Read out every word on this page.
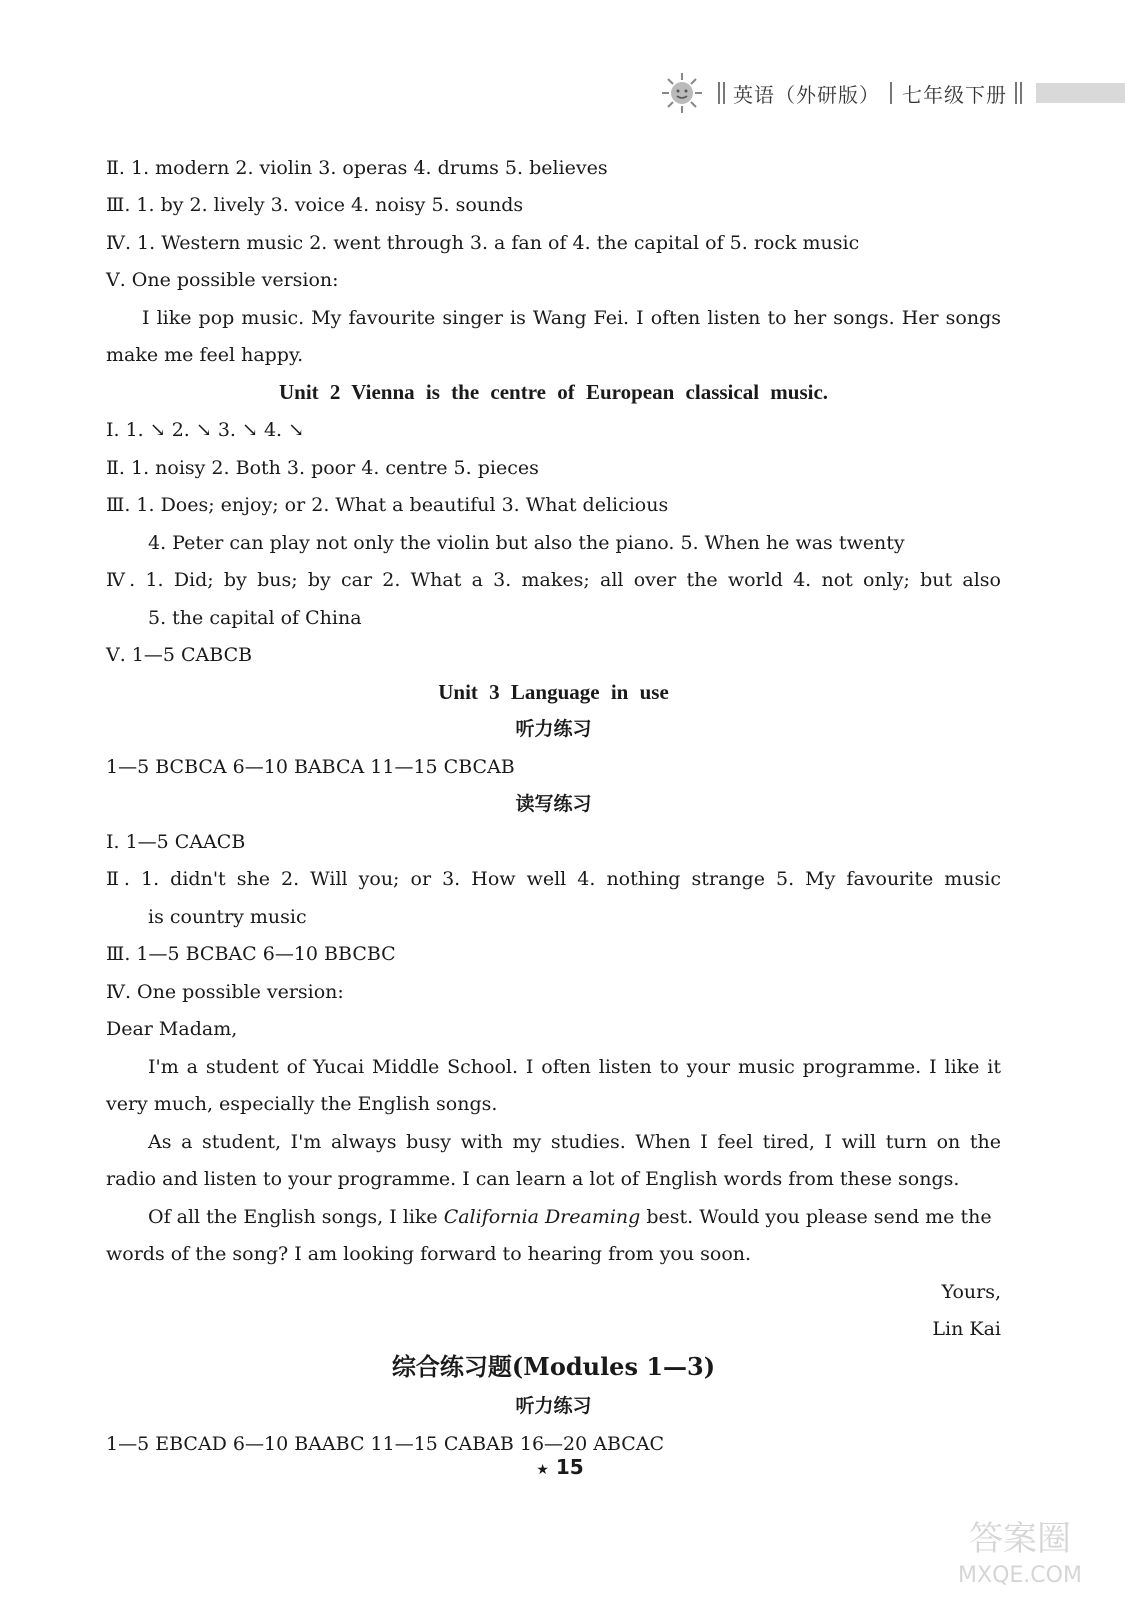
英语（外研版） 七年级下册
Ⅱ. 1. modern 2. violin 3. operas 4. drums 5. believes
Ⅲ. 1. by 2. lively 3. voice 4. noisy 5. sounds
Ⅳ. 1. Western music 2. went through 3. a fan of 4. the capital of 5. rock music
Ⅴ. One possible version:
I like pop music. My favourite singer is Wang Fei. I often listen to her songs. Her songs
make me feel happy.
Unit 2 Vienna is the centre of European classical music.
Ⅰ. 1. ↘ 2. ↘ 3. ↘ 4. ↘
Ⅱ. 1. noisy 2. Both 3. poor 4. centre 5. pieces
Ⅲ. 1. Does; enjoy; or 2. What a beautiful 3. What delicious
4. Peter can play not only the violin but also the piano. 5. When he was twenty
Ⅳ. 1. Did; by bus; by car 2. What a 3. makes; all over the world 4. not only; but also
5. the capital of China
Ⅴ. 1—5 CABCB
Unit 3 Language in use
听力练习
1—5 BCBCA 6—10 BABCA 11—15 CBCAB
读写练习
Ⅰ. 1—5 CAACB
Ⅱ. 1. didn't she 2. Will you; or 3. How well 4. nothing strange 5. My favourite music
is country music
Ⅲ. 1—5 BCBAC 6—10 BBCBC
Ⅳ. One possible version:
Dear Madam,
I'm a student of Yucai Middle School. I often listen to your music programme. I like it
very much, especially the English songs.
As a student, I'm always busy with my studies. When I feel tired, I will turn on the
radio and listen to your programme. I can learn a lot of English words from these songs.
Of all the English songs, I like California Dreaming best. Would you please send me the
words of the song? I am looking forward to hearing from you soon.
Yours,
Lin Kai
综合练习题(Modules 1—3)
听力练习
1—5 EBCAD 6—10 BAABC 11—15 CABAB 16—20 ABCAC
★ 15
答案圈
MXQE.COM
